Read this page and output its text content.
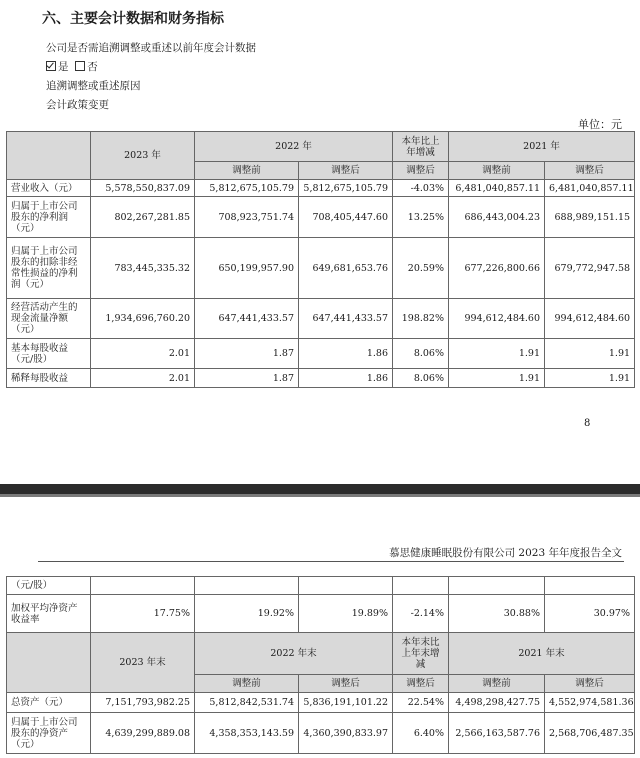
六、主要会计数据和财务指标
公司是否需追溯调整或重述以前年度会计数据
是 否
追溯调整或重述原因
会计政策变更
单位：元
	2023 年	2022 年		本年比上年增减	2021 年	
		调整前	调整后	调整后	调整前	调整后
营业收入（元）	5,578,550,837.09	5,812,675,105.79	5,812,675,105.79	-4.03%	6,481,040,857.11	6,481,040,857.11
归属于上市公司股东的净利润（元）	802,267,281.85	708,923,751.74	708,405,447.60	13.25%	686,443,004.23	688,989,151.15
归属于上市公司股东的扣除非经常性损益的净利润（元）	783,445,335.32	650,199,957.90	649,681,653.76	20.59%	677,226,800.66	679,772,947.58
经营活动产生的现金流量净额（元）	1,934,696,760.20	647,441,433.57	647,441,433.57	198.82%	994,612,484.60	994,612,484.60
基本每股收益（元/股）	2.01	1.87	1.86	8.06%	1.91	1.91
稀释每股收益	2.01	1.87	1.86	8.06%	1.91	1.91
8
慕思健康睡眠股份有限公司 2023 年年度报告全文
（元/股）						
加权平均净资产收益率	17.75%	19.92%	19.89%	-2.14%	30.88%	30.97%
	2023 年末	2022 年末		本年末比上年末增减	2021 年末	
		调整前	调整后	调整后	调整前	调整后
总资产（元）	7,151,793,982.25	5,812,842,531.74	5,836,191,101.22	22.54%	4,498,298,427.75	4,552,974,581.36
归属于上市公司股东的净资产（元）	4,639,299,889.08	4,358,353,143.59	4,360,390,833.97	6.40%	2,566,163,587.76	2,568,706,487.35
